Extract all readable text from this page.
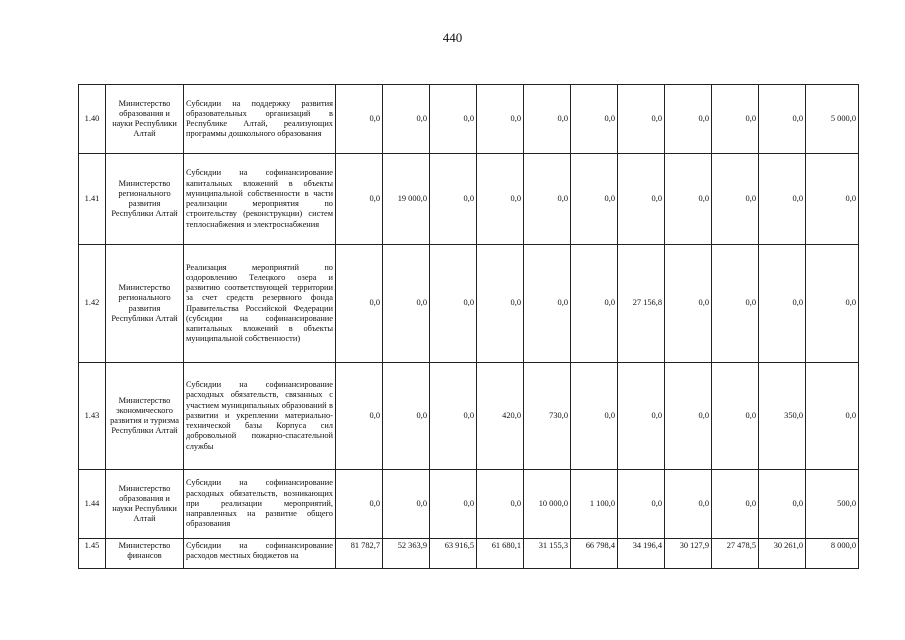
440
1.40	Министерство образования и науки Республики Алтай	Субсидии на поддержку развития образовательных организаций в Республике Алтай, реализующих программы дошкольного образования	0,0	0,0	0,0	0,0	0,0	0,0	0,0	0,0	0,0	0,0	5 000,0
1.41	Министерство регионального развития Республики Алтай	Субсидии на софинансирование капитальных вложений в объекты муниципальной собственности в части реализации мероприятия по строительству (реконструкции) систем теплоснабжения и электроснабжения	0,0	19 000,0	0,0	0,0	0,0	0,0	0,0	0,0	0,0	0,0	0,0
1.42	Министерство регионального развития Республики Алтай	Реализация мероприятий по оздоровлению Телецкого озера и развитию соответствующей территории за счет средств резервного фонда Правительства Российской Федерации (субсидии на софинансирование капитальных вложений в объекты муниципальной собственности)	0,0	0,0	0,0	0,0	0,0	0,0	27 156,8	0,0	0,0	0,0	0,0
1.43	Министерство экономического развития и туризма Республики Алтай	Субсидии на софинансирование расходных обязательств, связанных с участием муниципальных образований в развитии и укреплении материально-технической базы Корпуса сил добровольной пожарно-спасательной службы	0,0	0,0	0,0	420,0	730,0	0,0	0,0	0,0	0,0	350,0	0,0
1.44	Министерство образования и науки Республики Алтай	Субсидии на софинансирование расходных обязательств, возникающих при реализации мероприятий, направленных на развитие общего образования	0,0	0,0	0,0	0,0	10 000,0	1 100,0	0,0	0,0	0,0	0,0	500,0
1.45	Министерство финансов	Субсидии на софинансирование расходов местных бюджетов на	81 782,7	52 363,9	63 916,5	61 680,1	31 155,3	66 798,4	34 196,4	30 127,9	27 478,5	30 261,0	8 000,0
